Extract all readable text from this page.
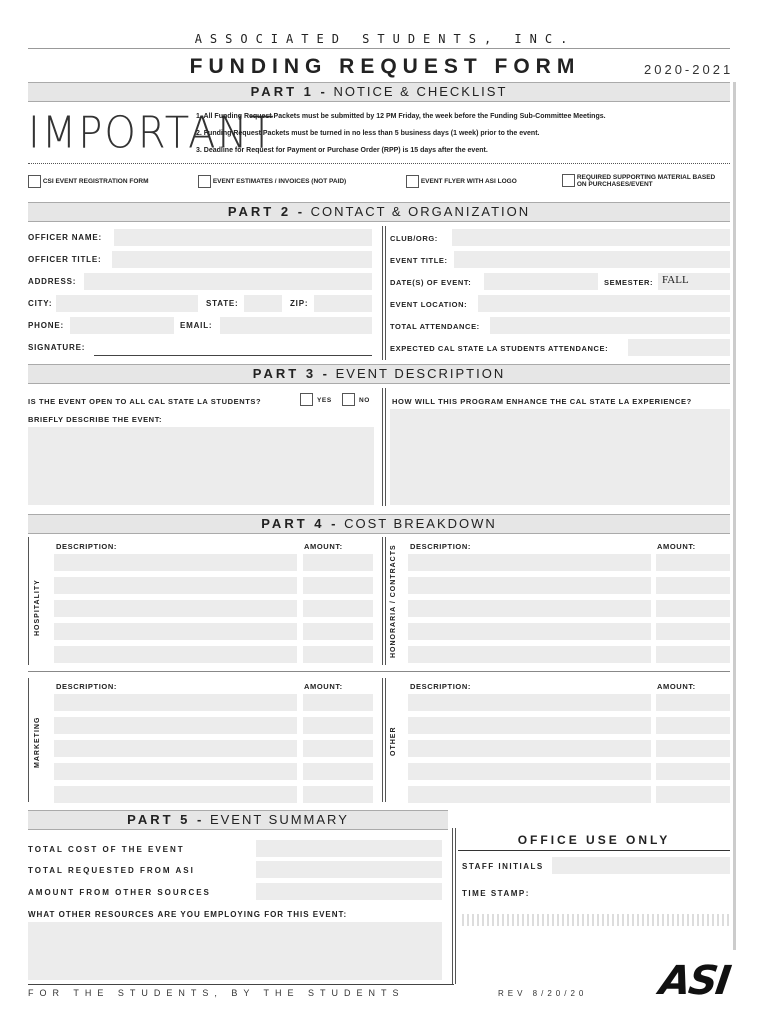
ASSOCIATED STUDENTS, INC.
FUNDING REQUEST FORM	2020-2021
PART 1 - NOTICE & CHECKLIST
IMPORTANT
1. All Funding Request Packets must be submitted by 12 PM Friday, the week before the Funding Sub-Committee Meetings.
2. Funding Request Packets must be turned in no less than 5 business days (1 week) prior to the event.
3. Deadline for Request for Payment or Purchase Order (RPP) is 15 days after the event.
CSI EVENT REGISTRATION FORM	EVENT ESTIMATES / INVOICES (NOT PAID)	EVENT FLYER WITH ASI LOGO
REQUIRED SUPPORTING MATERIAL BASED ON PURCHASES/EVENT
PART 2 - CONTACT & ORGANIZATION
OFFICER NAME:
OFFICER TITLE:
ADDRESS:
CITY:	STATE:	ZIP:
PHONE:	EMAIL:
SIGNATURE:
CLUB/ORG:
EVENT TITLE:
DATE(S) OF EVENT:	SEMESTER: FALL
EVENT LOCATION:
TOTAL ATTENDANCE:
EXPECTED CAL STATE LA STUDENTS ATTENDANCE:
PART 3 - EVENT DESCRIPTION
IS THE EVENT OPEN TO ALL CAL STATE LA STUDENTS?	YES	NO
BRIEFLY DESCRIBE THE EVENT:
HOW WILL THIS PROGRAM ENHANCE THE CAL STATE LA EXPERIENCE?
PART 4 - COST BREAKDOWN
HOSPITALITY
DESCRIPTION:	AMOUNT:	HONORARIA / CONTRACTS DESCRIPTION:	AMOUNT:
MARKETING
DESCRIPTION:	AMOUNT:
OTHER
DESCRIPTION:	AMOUNT:
PART 5 - EVENT SUMMARY
TOTAL COST OF THE EVENT
TOTAL REQUESTED FROM ASI
AMOUNT FROM OTHER SOURCES
WHAT OTHER RESOURCES ARE YOU EMPLOYING FOR THIS EVENT:
OFFICE USE ONLY
STAFF INITIALS
TIME STAMP:
FOR THE STUDENTS, BY THE STUDENTS	REV 8/20/20 ASI
